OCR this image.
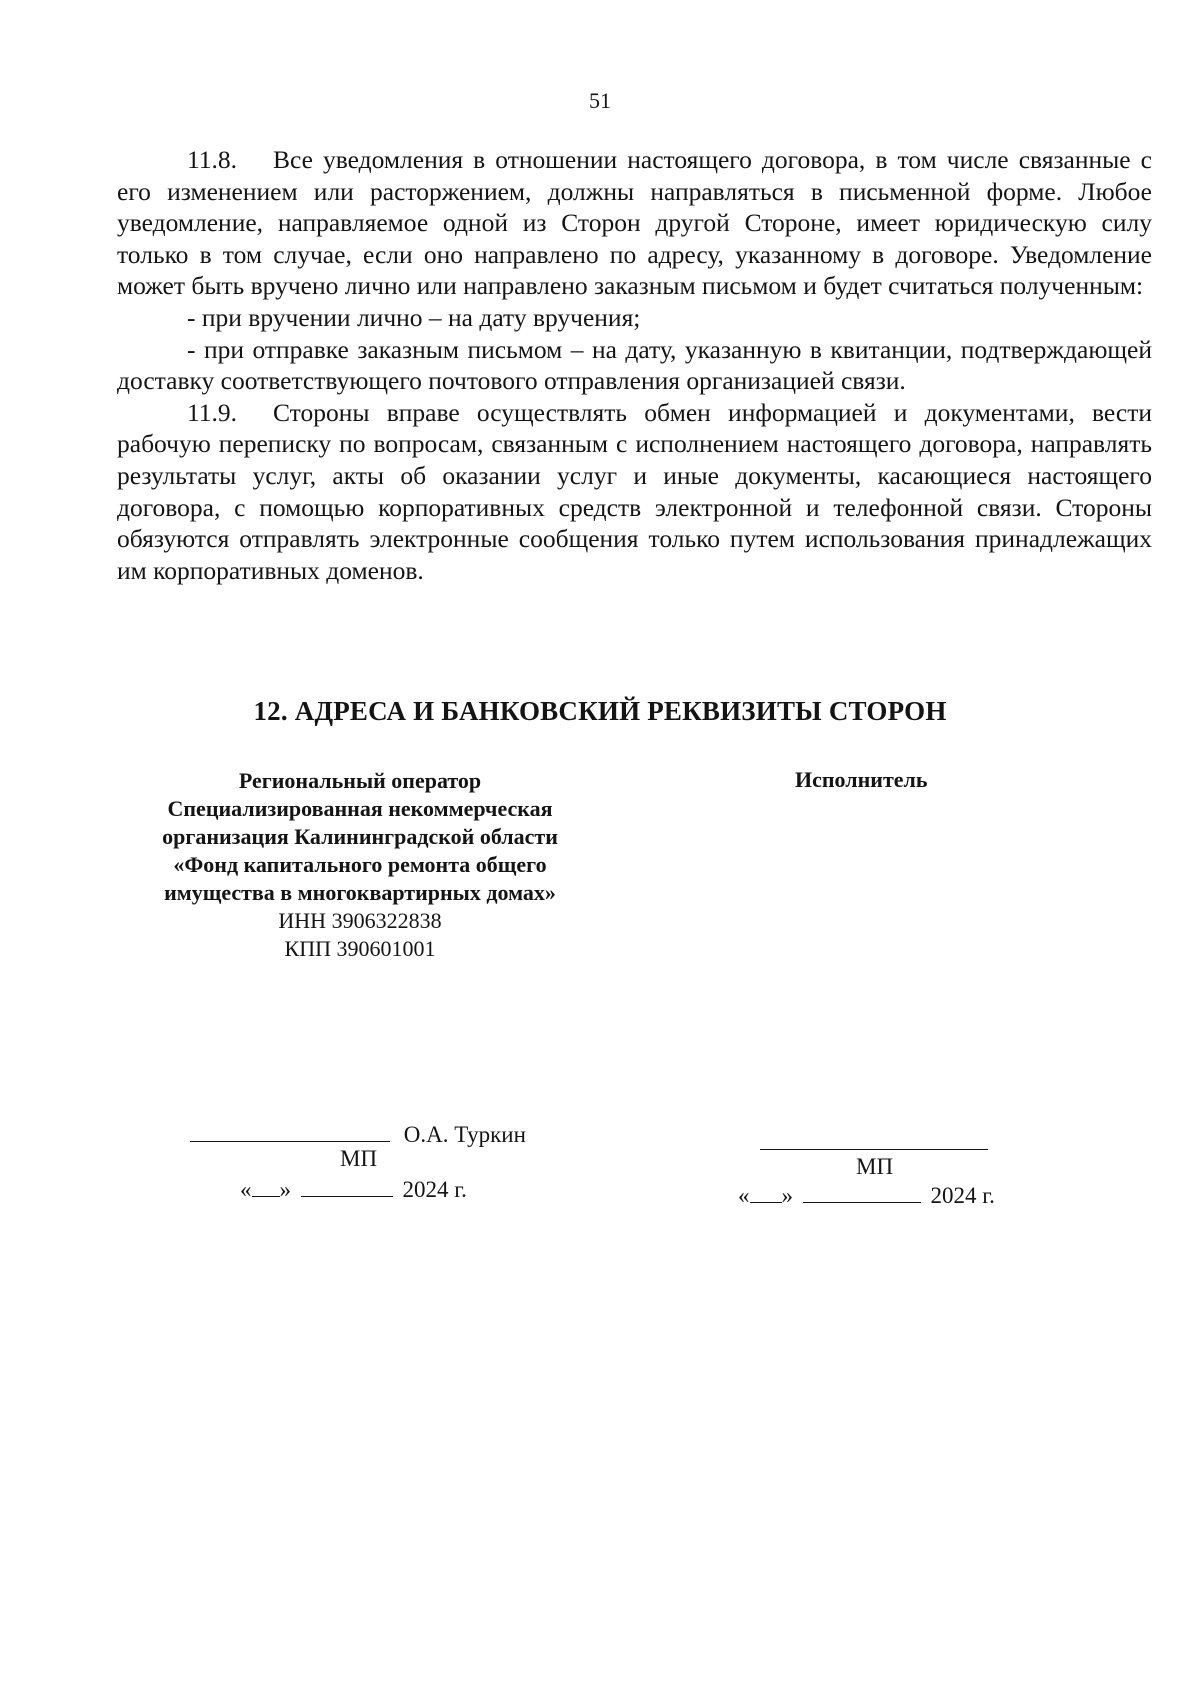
51

11.8. Все уведомления в отношении настоящего договора, в том числе связанные с его изменением или расторжением, должны направляться в письменной форме. Любое уведомление, направляемое одной из Сторон другой Стороне, имеет юридическую силу только в том случае, если оно направлено по адресу, указанному в договоре. Уведомление может быть вручено лично или направлено заказным письмом и будет считаться полученным:

- при вручении лично – на дату вручения;

- при отправке заказным письмом – на дату, указанную в квитанции, подтверждающей доставку соответствующего почтового отправления организацией связи.

11.9. Стороны вправе осуществлять обмен информацией и документами, вести рабочую переписку по вопросам, связанным с исполнением настоящего договора, направлять результаты услуг, акты об оказании услуг и иные документы, касающиеся настоящего договора, с помощью корпоративных средств электронной и телефонной связи. Стороны обязуются отправлять электронные сообщения только путем использования принадлежащих им корпоративных доменов.

12. АДРЕСА И БАНКОВСКИЙ РЕКВИЗИТЫ СТОРОН
Региональный оператор
Специализированная некоммерческая
организация Калининградской области
«Фонд капитального ремонта общего
имущества в многоквартирных домах»
ИНН 3906322838
КПП 390601001
Исполнитель
О.А. Туркин
МП
« »	2024 г.
МП
« »	2024 г.
